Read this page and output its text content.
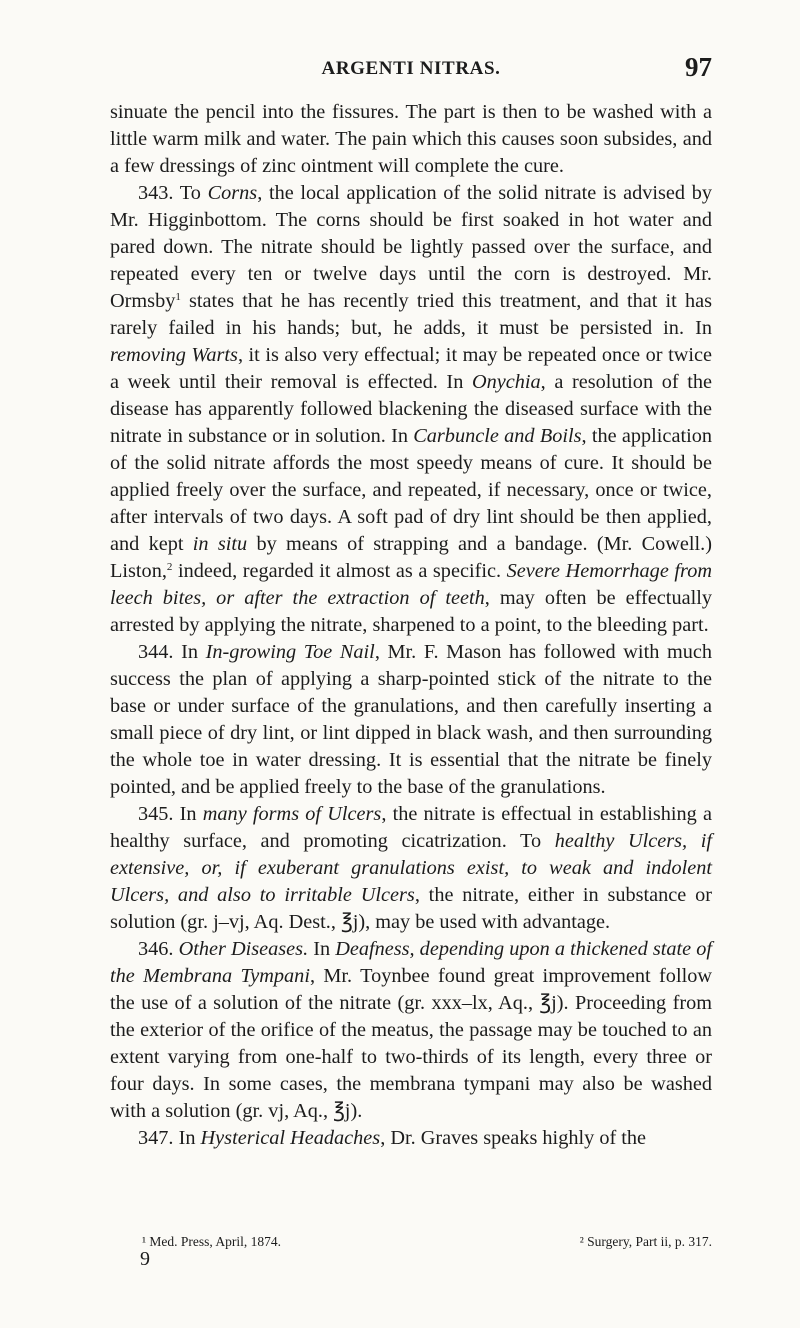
ARGENTI NITRAS.	97

sinuate the pencil into the fissures. The part is then to be washed with a little warm milk and water. The pain which this causes soon subsides, and a few dressings of zinc ointment will complete the cure.

343. To Corns, the local application of the solid nitrate is advised by Mr. Higginbottom. The corns should be first soaked in hot water and pared down. The nitrate should be lightly passed over the surface, and repeated every ten or twelve days until the corn is destroyed. Mr. Ormsby$^1$ states that he has recently tried this treatment, and that it has rarely failed in his hands; but, he adds, it must be persisted in. In removing Warts, it is also very effectual; it may be repeated once or twice a week until their removal is effected. In Onychia, a resolution of the disease has apparently followed blackening the diseased surface with the nitrate in substance or in solution. In Carbuncle and Boils, the application of the solid nitrate affords the most speedy means of cure. It should be applied freely over the surface, and repeated, if necessary, once or twice, after intervals of two days. A soft pad of dry lint should be then applied, and kept in situ by means of strapping and a bandage. (Mr. Cowell.) Liston,$^2$ indeed, regarded it almost as a specific. Severe Hemorrhage from leech bites, or after the extraction of teeth, may often be effectually arrested by applying the nitrate, sharpened to a point, to the bleeding part.

344. In In-growing Toe Nail, Mr. F. Mason has followed with much success the plan of applying a sharp-pointed stick of the nitrate to the base or under surface of the granulations, and then carefully inserting a small piece of dry lint, or lint dipped in black wash, and then surrounding the whole toe in water dressing. It is essential that the nitrate be finely pointed, and be applied freely to the base of the granulations.

345. In many forms of Ulcers, the nitrate is effectual in establishing a healthy surface, and promoting cicatrization. To healthy Ulcers, if extensive, or, if exuberant granulations exist, to weak and indolent Ulcers, and also to irritable Ulcers, the nitrate, either in substance or solution (gr. j–vj, Aq. Dest., ℥j), may be used with advantage.

346. Other Diseases. In Deafness, depending upon a thickened state of the Membrana Tympani, Mr. Toynbee found great improvement follow the use of a solution of the nitrate (gr. xxx–lx, Aq., ℥j). Proceeding from the exterior of the orifice of the meatus, the passage may be touched to an extent varying from one-half to two-thirds of its length, every three or four days. In some cases, the membrana tympani may also be washed with a solution (gr. vj, Aq., ℥j).

347. In Hysterical Headaches, Dr. Graves speaks highly of the

¹ Med. Press, April, 1874.	² Surgery, Part ii, p. 317.
9
